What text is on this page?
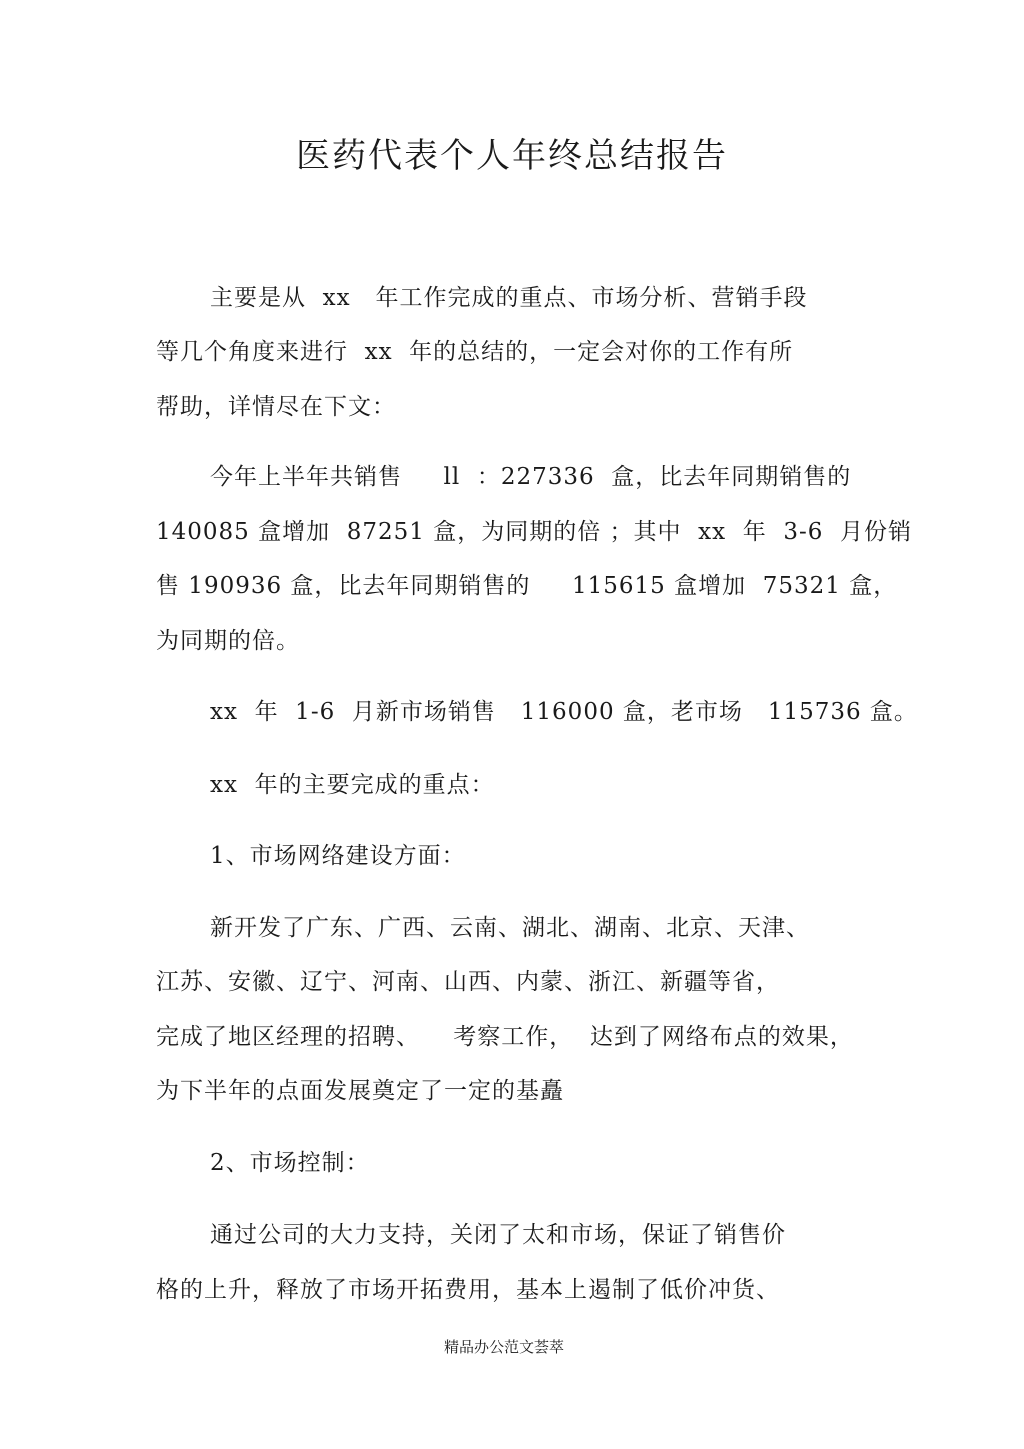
医药代表个人年终总结报告
主要是从  xx   年工作完成的重点、市场分析、营销手段
等几个角度来进行  xx  年的总结的，一定会对你的工作有所
帮助，详情尽在下文：
今年上半年共销售     ll  ：227336  盒，比去年同期销售的
140085 盒增加  87251 盒，为同期的倍 ；其中  xx  年  3-6  月份销
售 190936 盒，比去年同期销售的     115615 盒增加  75321 盒，
为同期的倍。
xx  年  1-6  月新市场销售   116000 盒，老市场   115736 盒。
xx  年的主要完成的重点：
1、市场网络建设方面：
新开发了广东、广西、云南、湖北、湖南、北京、天津、
江苏、安徽、辽宁、河南、山西、内蒙、浙江、新疆等省，
完成了地区经理的招聘、    考察工作，  达到了网络布点的效果，
为下半年的点面发展奠定了一定的基矗
2、市场控制：
通过公司的大力支持，关闭了太和市场，保证了销售价
格的上升，释放了市场开拓费用，基本上遏制了低价冲货、
精品办公范文荟萃
